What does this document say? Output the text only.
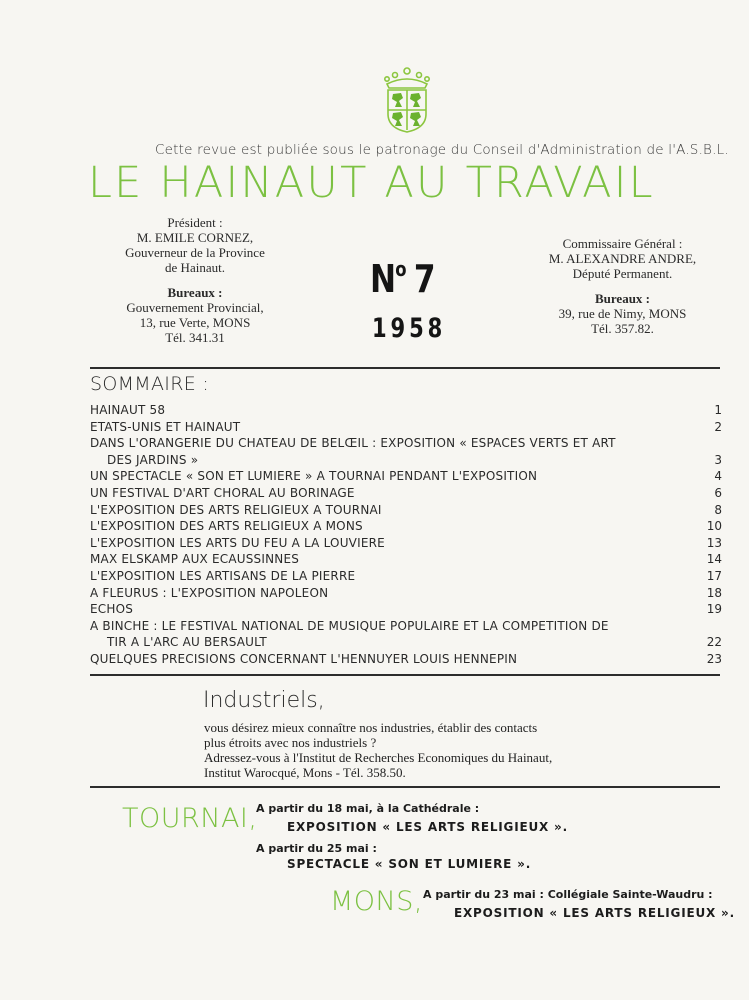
Cette revue est publiée sous le patronage du Conseil d'Administration de l'A.S.B.L.
LE HAINAUT AU TRAVAIL
Président :
M. EMILE CORNEZ,
Gouverneur de la Province
de Hainaut.
Bureaux :
Gouvernement Provincial,
13, rue Verte, MONS
Tél. 341.31
$N^o$ 7
1958
Commissaire Général :
M. ALEXANDRE ANDRE,
Député Permanent.
Bureaux :
39, rue de Nimy, MONS
Tél. 357.82.
SOMMAIRE :
HAINAUT 58	1
ETATS-UNIS ET HAINAUT	2
DANS L'ORANGERIE DU CHATEAU DE BELŒIL : EXPOSITION « ESPACES VERTS ET ART
DES JARDINS »	3
UN SPECTACLE « SON ET LUMIERE » A TOURNAI PENDANT L'EXPOSITION	4
UN FESTIVAL D'ART CHORAL AU BORINAGE	6
L'EXPOSITION DES ARTS RELIGIEUX A TOURNAI	8
L'EXPOSITION DES ARTS RELIGIEUX A MONS	10
L'EXPOSITION LES ARTS DU FEU A LA LOUVIERE	13
MAX ELSKAMP AUX ECAUSSINNES	14
L'EXPOSITION LES ARTISANS DE LA PIERRE	17
A FLEURUS : L'EXPOSITION NAPOLEON	18
ECHOS	19
A BINCHE : LE FESTIVAL NATIONAL DE MUSIQUE POPULAIRE ET LA COMPETITION DE
TIR A L'ARC AU BERSAULT	22
QUELQUES PRECISIONS CONCERNANT L'HENNUYER LOUIS HENNEPIN	23
Industriels,
vous désirez mieux connaître nos industries, établir des contacts
plus étroits avec nos industriels ?
Adressez-vous à l'Institut de Recherches Economiques du Hainaut,
Institut Warocqué, Mons - Tél. 358.50.
TOURNAI,
A partir du 18 mai, à la Cathédrale :
EXPOSITION « LES ARTS RELIGIEUX ».
A partir du 25 mai :
SPECTACLE « SON ET LUMIERE ».
MONS, A partir du 23 mai : Collégiale Sainte-Waudru :
EXPOSITION « LES ARTS RELIGIEUX ».
